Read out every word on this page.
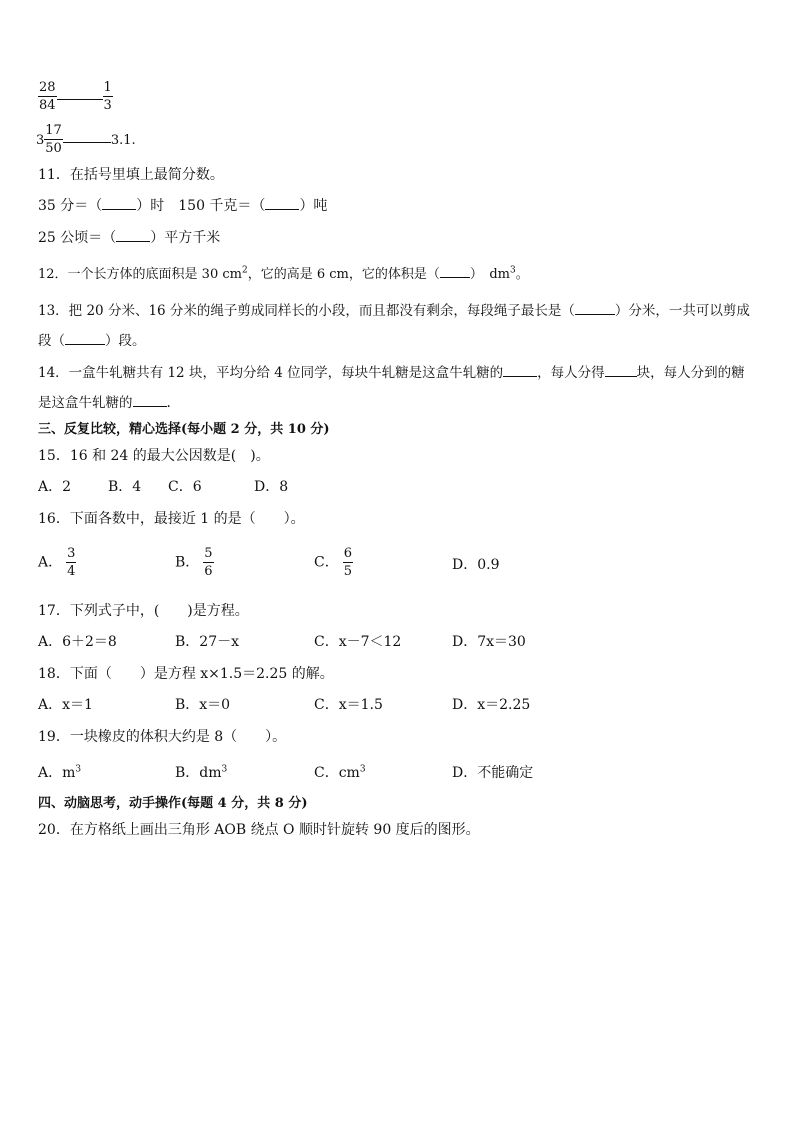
$\frac{28}{84}$	$\frac{1}{3}$
$3 \frac{17}{50}$	3.1.
11．在括号里填上最简分数。
35 分＝（ ）时　150 千克＝（ ）吨
25 公顷＝（ ）平方千米
12．一个长方体的底面积是 30 $cm^2$，它的高是 6 cm，它的体积是（ ）　$dm^3$。
13．把 20 分米、16 分米的绳子剪成同样长的小段，而且都没有剩余，每段绳子最长是（	）分米，一共可以剪成
段（	）段。
14．一盒牛轧糖共有 12 块，平均分给 4 位同学，每块牛轧糖是这盒牛轧糖的	，每人分得 块，每人分到的糖
是这盒牛轧糖的	.
三、反复比较，精心选择(每小题 2 分，共 10 分)
15．16 和 24 的最大公因数是(　)。
A．2	B．4 C．6	D．8
16．下面各数中，最接近 1 的是（　　）。
A． $\frac{3}{4}$	B． $\frac{5}{6}$	C． $\frac{6}{5}$	D．0.9
17．下列式子中，(　　)是方程。
A．6＋2＝8	B．27－x	C．x－7＜12	D．7x＝30
18．下面（　　）是方程 x×1.5＝2.25 的解。
A．x＝1	B．x＝0	C．x＝1.5	D．x＝2.25
19．一块橡皮的体积大约是 8（　　）。
A．$m^3$	B．$dm^3$	C．$cm^3$	D．不能确定
四、动脑思考，动手操作(每题 4 分，共 8 分)
20．在方格纸上画出三角形 AOB 绕点 O 顺时针旋转 90 度后的图形。
